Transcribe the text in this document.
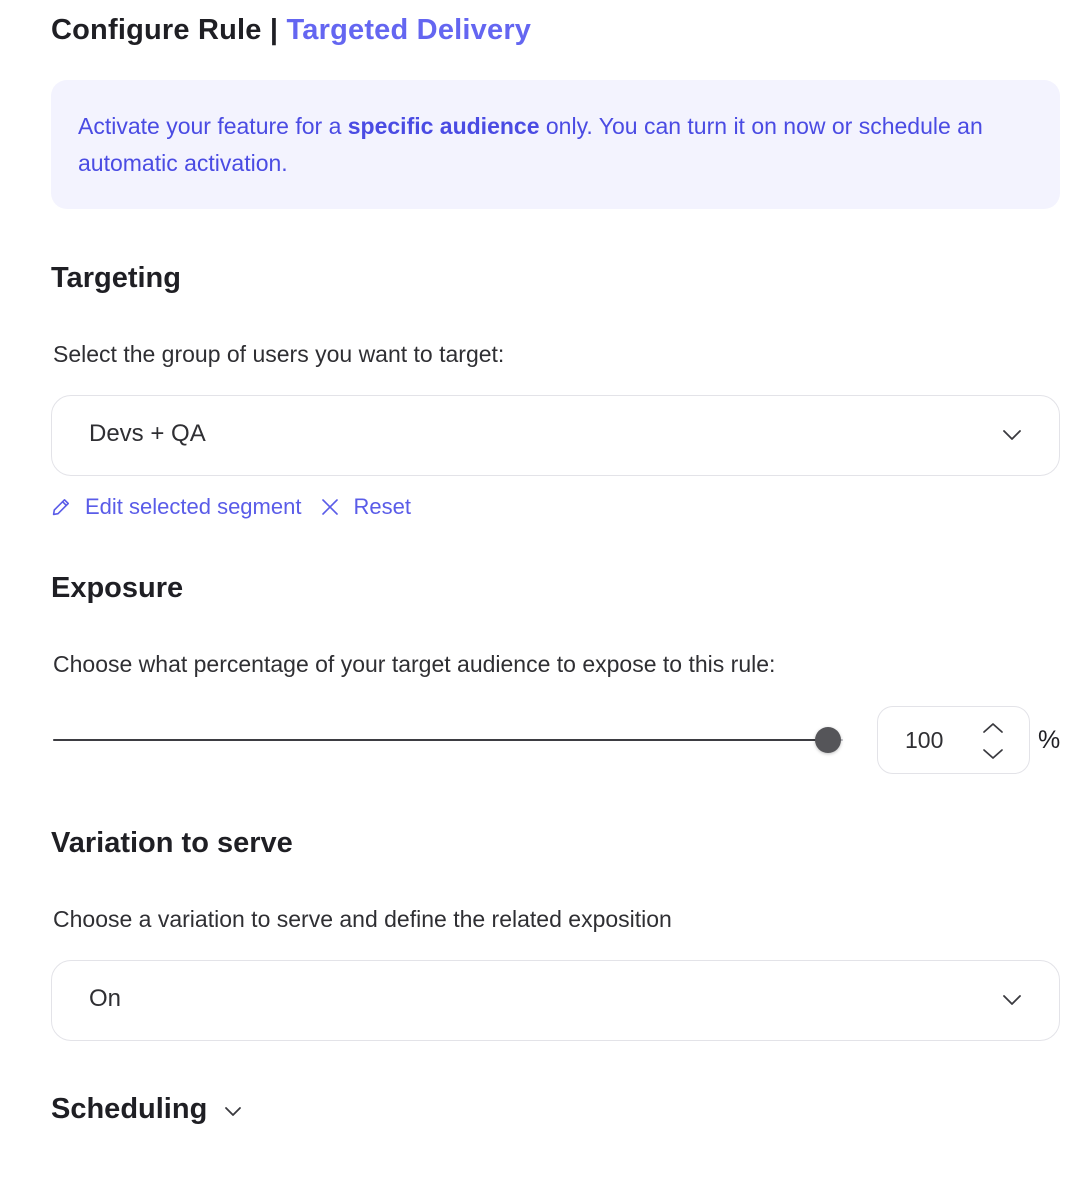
Configure Rule | Targeted Delivery
Activate your feature for a specific audience only. You can turn it on now or schedule an automatic activation.
Targeting
Select the group of users you want to target:
Devs + QA
Edit selected segment Reset
Exposure
Choose what percentage of your target audience to expose to this rule:
100	%
Variation to serve
Choose a variation to serve and define the related exposition
On
Scheduling
